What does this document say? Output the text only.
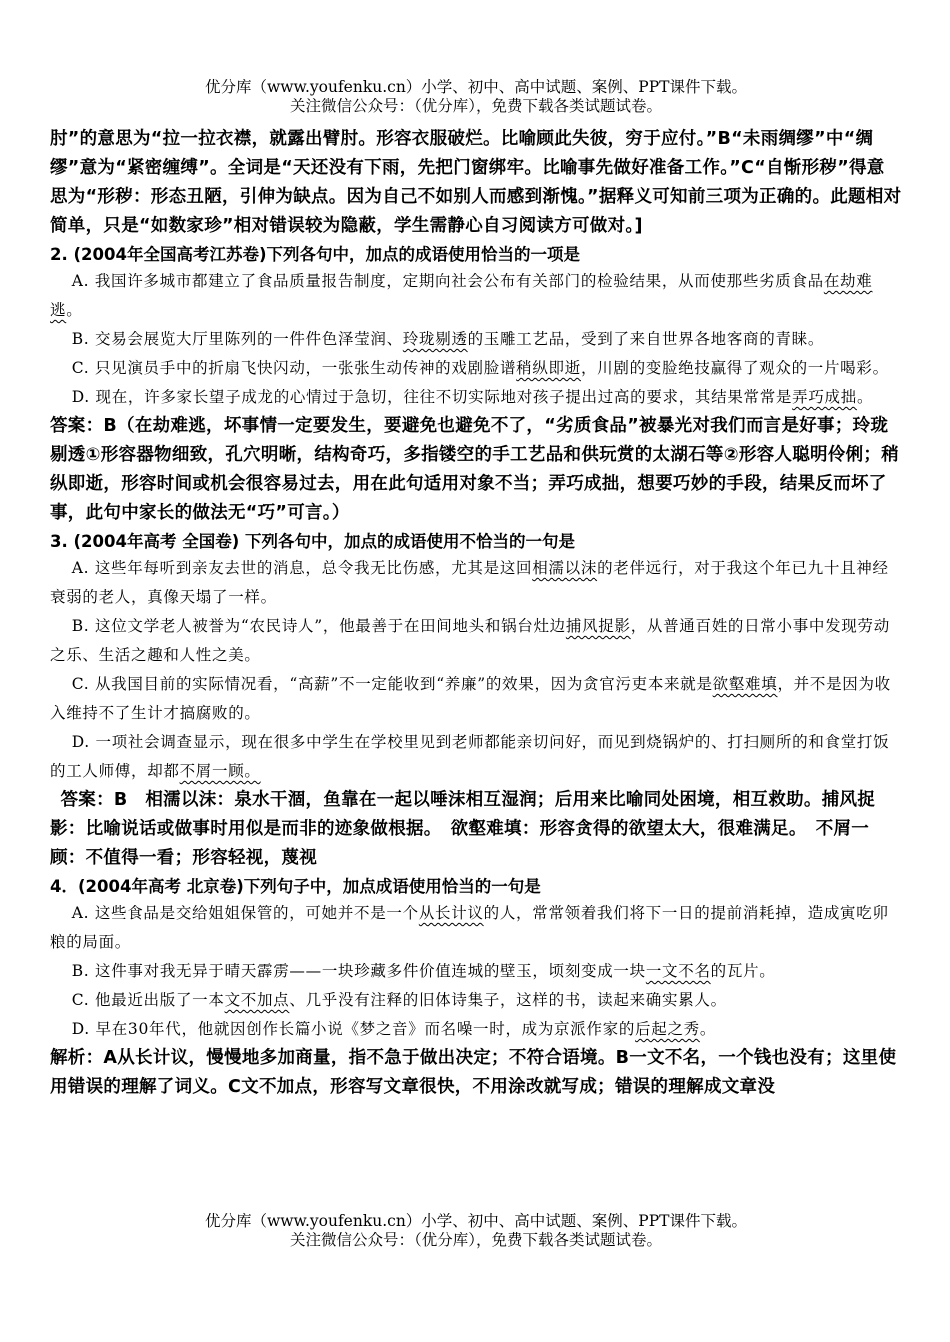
优分库（www.youfenku.cn）小学、初中、高中试题、案例、PPT课件下载。
关注微信公众号：（优分库），免费下载各类试题试卷。
肘”的意思为“拉一拉衣襟，就露出臂肘。形容衣服破烂。比喻顾此失彼，穷于应付。”B“未雨绸缪”中“绸缪”意为“紧密缠缚”。全词是“天还没有下雨，先把门窗绑牢。比喻事先做好准备工作。”C“自惭形秽”得意思为“形秽：形态丑陋，引伸为缺点。因为自己不如别人而感到渐愧。”据释义可知前三项为正确的。此题相对简单，只是“如数家珍”相对错误较为隐蔽，学生需静心自习阅读方可做对。]
2. (2004年全国高考江苏卷)下列各句中，加点的成语使用恰当的一项是
A. 我国许多城市都建立了食品质量报告制度，定期向社会公布有关部门的检验结果，从而使那些劣质食品在劫难逃。
B. 交易会展览大厅里陈列的一件件色泽莹润、玲珑剔透的玉雕工艺品，受到了来自世界各地客商的青睐。
C. 只见演员手中的折扇飞快闪动，一张张生动传神的戏剧脸谱稍纵即逝，川剧的变脸绝技赢得了观众的一片喝彩。
D. 现在，许多家长望子成龙的心情过于急切，往往不切实际地对孩子提出过高的要求，其结果常常是弄巧成拙。
答案：B（在劫难逃，坏事情一定要发生，要避免也避免不了，“劣质食品”被暴光对我们而言是好事；玲珑剔透①形容器物细致，孔穴明晰，结构奇巧，多指镂空的手工艺品和供玩赏的太湖石等②形容人聪明伶俐；稍纵即逝，形容时间或机会很容易过去，用在此句适用对象不当；弄巧成拙，想要巧妙的手段，结果反而坏了事，此句中家长的做法无“巧”可言。）
3. (2004年高考 全国卷) 下列各句中，加点的成语使用不恰当的一句是
A. 这些年每听到亲友去世的消息，总令我无比伤感，尤其是这回相濡以沫的老伴远行，对于我这个年已九十且神经衰弱的老人，真像天塌了一样。
B. 这位文学老人被誉为“农民诗人”，他最善于在田间地头和锅台灶边捕风捉影，从普通百姓的日常小事中发现劳动之乐、生活之趣和人性之美。
C. 从我国目前的实际情况看，“高薪”不一定能收到“养廉”的效果，因为贪官污吏本来就是欲壑难填，并不是因为收入维持不了生计才搞腐败的。
D. 一项社会调查显示，现在很多中学生在学校里见到老师都能亲切问好，而见到烧锅炉的、打扫厕所的和食堂打饭的工人师傅，却都不屑一顾。
答案：B　相濡以沫：泉水干涸，鱼靠在一起以唾沫相互湿润；后用来比喻同处困境，相互救助。捕风捉影：比喻说话或做事时用似是而非的迹象做根据。　欲壑难填：形容贪得的欲望太大，很难满足。　不屑一顾：不值得一看；形容轻视，蔑视
4．(2004年高考 北京卷)下列句子中，加点成语使用恰当的一句是
A. 这些食品是交给姐姐保管的，可她并不是一个从长计议的人，常常领着我们将下一日的提前消耗掉，造成寅吃卯粮的局面。
B. 这件事对我无异于晴天霹雳——一块珍藏多件价值连城的壁玉，顷刻变成一块一文不名的瓦片。
C. 他最近出版了一本文不加点、几乎没有注释的旧体诗集子，这样的书，读起来确实累人。
D. 早在30年代，他就因创作长篇小说《梦之音》而名噪一时，成为京派作家的后起之秀。
解析：A从长计议，慢慢地多加商量，指不急于做出决定；不符合语境。B一文不名，一个钱也没有；这里使用错误的理解了词义。C文不加点，形容写文章很快，不用涂改就写成；错误的理解成文章没
优分库（www.youfenku.cn）小学、初中、高中试题、案例、PPT课件下载。
关注微信公众号：（优分库），免费下载各类试题试卷。
